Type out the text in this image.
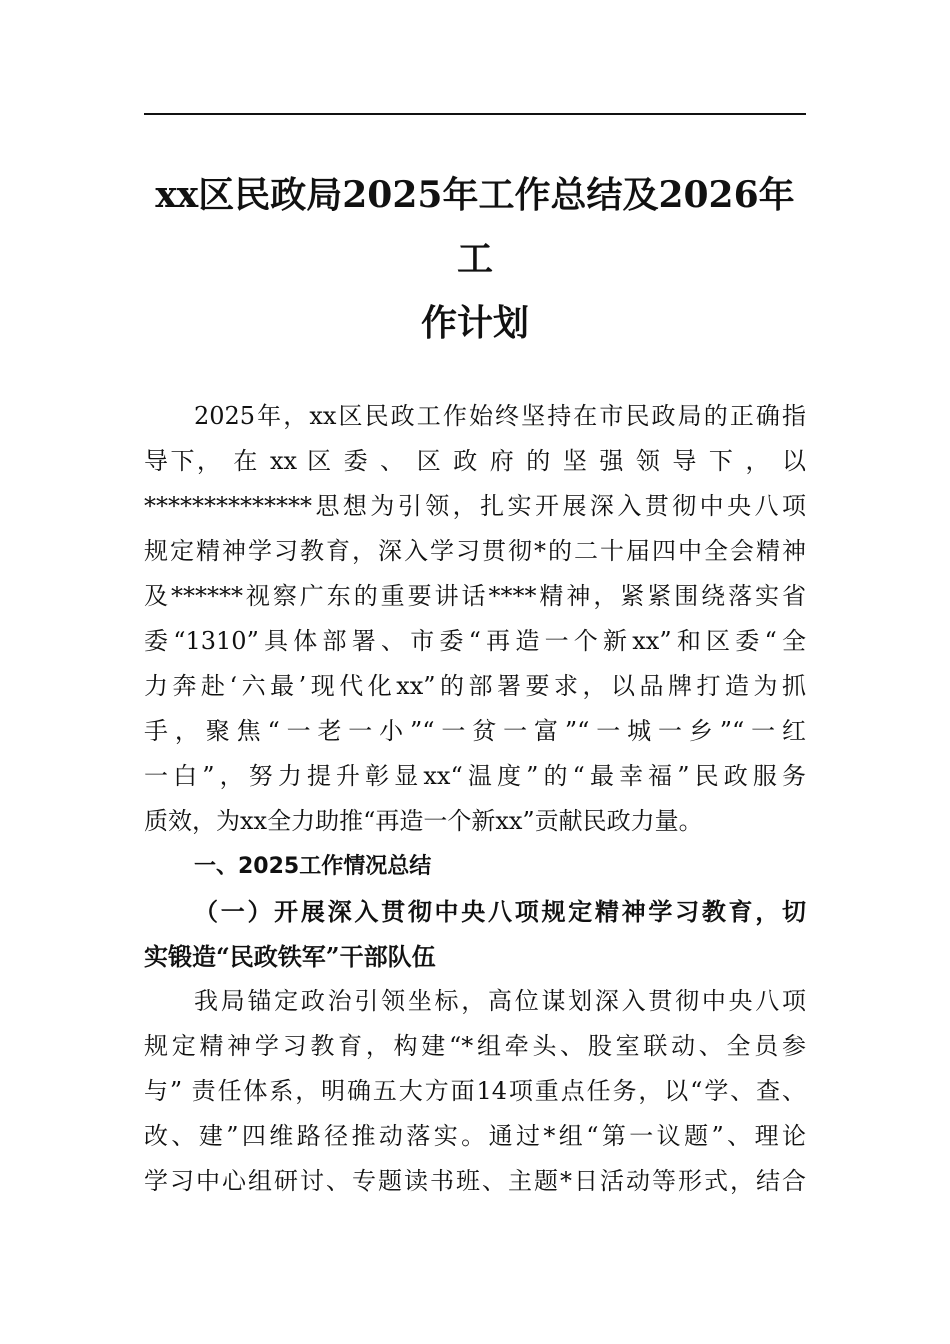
xx区民政局2025年工作总结及2026年工
作计划
2025年，xx区民政工作始终坚持在市民政局的正确指
导下， 在 xx 区 委 、 区 政 府 的 坚 强 领 导 下 ， 以
**************思想为引领，扎实开展深入贯彻中央八项
规定精神学习教育，深入学习贯彻*的二十届四中全会精神
及******视察广东的重要讲话****精神，紧紧围绕落实省
委“1310”具体部署、市委“再造一个新xx”和区委“全
力奔赴‘六最’现代化xx”的部署要求，以品牌打造为抓
手，聚焦“一老一小”“一贫一富”“一城一乡”“一红
一白”，努力提升彰显xx“温度”的“最幸福”民政服务
质效，为xx全力助推“再造一个新xx”贡献民政力量。
一、2025工作情况总结
（一）开展深入贯彻中央八项规定精神学习教育，切
实锻造“民政铁军”干部队伍
我局锚定政治引领坐标，高位谋划深入贯彻中央八项
规定精神学习教育，构建“*组牵头、股室联动、全员参
与” 责任体系，明确五大方面14项重点任务，以“学、查、
改、建”四维路径推动落实。通过*组“第一议题”、理论
学习中心组研讨、专题读书班、主题*日活动等形式，结合
